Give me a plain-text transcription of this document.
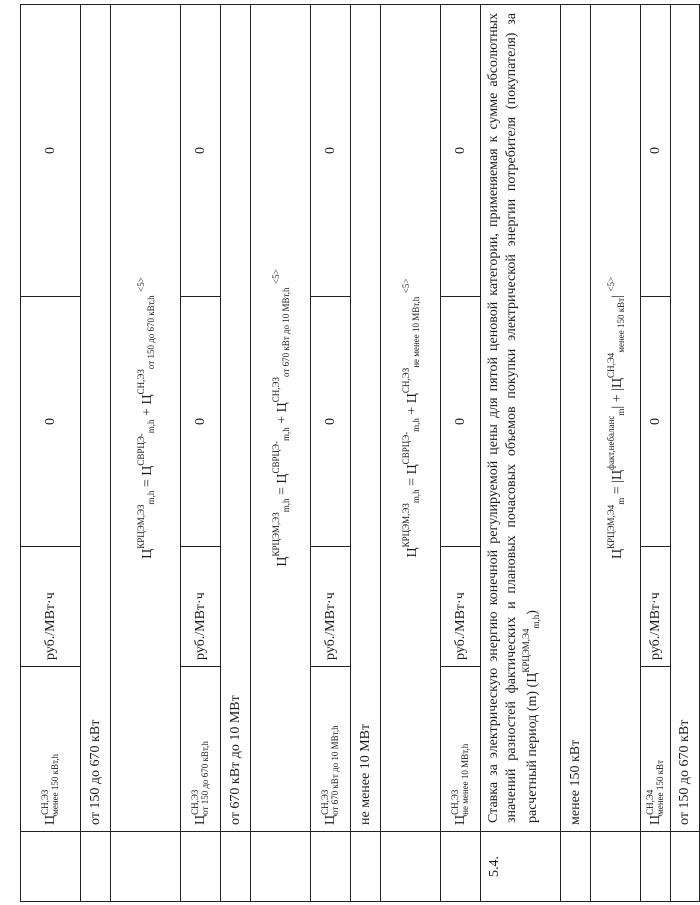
ЦСН,ЭЗ
менее 150 кВт,h
руб./МВт·ч
0
0
от 150 до 670 кВт
$Ц^{КРЦЭМ,ЭЗ}_{m,h} = Ц^{СВРЦЭ-}_{m,h} + Ц^{СН,ЭЗ}_{от 150 до 670 кВт,h}$ $^{<5>}$
ЦСН,ЭЗ
от 150 до 670 кВт,h
руб./МВт·ч
0
0
от 670 кВт до 10 МВт
$Ц^{КРЦЭМ,ЭЗ}_{m,h} = Ц^{СВРЦЭ-}_{m,h} + Ц^{СН,ЭЗ}_{от 670 кВт до 10 МВт,h}$ $^{<5>}$
ЦСН,ЭЗ
от 670 кВт до 10 МВт,h
руб./МВт·ч
0
0
не менее 10 МВт
$Ц^{КРЦЭМ,ЭЗ}_{m,h} = Ц^{СВРЦЭ-}_{m,h} + Ц^{СН,ЭЗ}_{не менее 10 МВт,h}$ $^{<5>}$
ЦСН,ЭЗ
не менее 10 МВт,h
руб./МВт·ч
0
0
5.4.
Ставка за электрическую энергию конечной регулируемой цены для пятой ценовой категории, применяемая к сумме абсолютных значений разностей фактических и плановых почасовых объемов покупки электрической энергии потребителя (покупателя) за расчетный период (m) $(Ц^{КРЦЭМ,Э4}_{m,h})$
менее 150 кВт
$Ц^{КРЦЭМ,Э4}_m = |Ц^{факт,небаланс}_m| + |Ц^{СН,Э4}_{менее 150 кВт}|$ $^{<5>}$
ЦСН,Э4
менее 150 кВт
руб./МВт·ч
0
0
от 150 до 670 кВт
